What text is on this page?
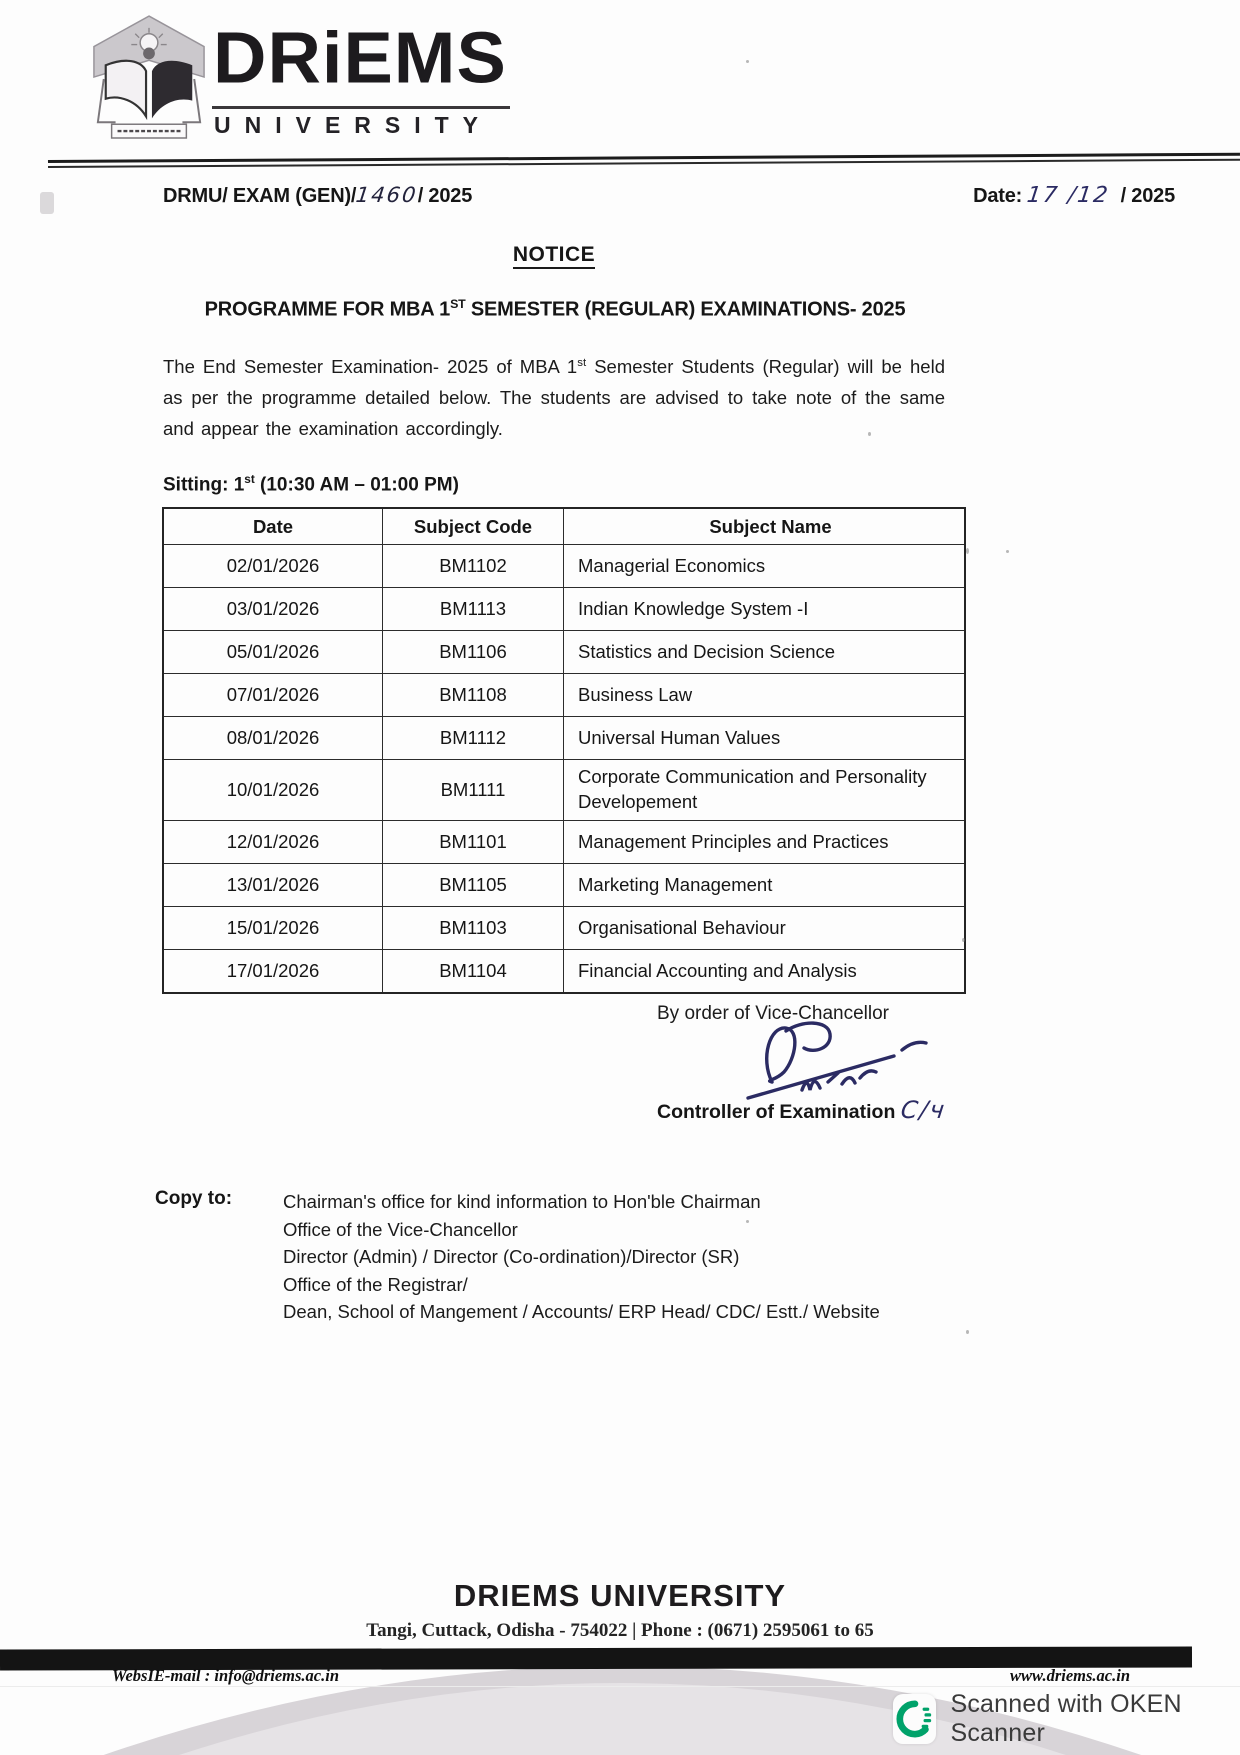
DRiEMS
UNIVERSITY
DRMU/ EXAM (GEN)/1460/ 2025	Date: 17 /12 / 2025
NOTICE
PROGRAMME FOR MBA 1ST SEMESTER (REGULAR) EXAMINATIONS- 2025
The End Semester Examination- 2025 of MBA 1st Semester Students (Regular) will be held as per the programme detailed below. The students are advised to take note of the same and appear the examination accordingly.
Sitting: 1st (10:30 AM – 01:00 PM)
Date	Subject Code	Subject Name
02/01/2026	BM1102	Managerial Economics
03/01/2026	BM1113	Indian Knowledge System -I
05/01/2026	BM1106	Statistics and Decision Science
07/01/2026	BM1108	Business Law
08/01/2026	BM1112	Universal Human Values
10/01/2026	BM1111	Corporate Communication and Personality Developement
12/01/2026	BM1101	Management Principles and Practices
13/01/2026	BM1105	Marketing Management
15/01/2026	BM1103	Organisational Behaviour
17/01/2026	BM1104	Financial Accounting and Analysis
By order of Vice-Chancellor
Controller of Examination C/ч
Copy to:	Chairman's office for kind information to Hon'ble Chairman
Office of the Vice-Chancellor
Director (Admin) / Director (Co-ordination)/Director (SR)
Office of the Registrar/
Dean, School of Mangement / Accounts/ ERP Head/ CDC/ Estt./ Website
DRIEMS UNIVERSITY
Tangi, Cuttack, Odisha - 754022 | Phone : (0671) 2595061 to 65
WebsIE-mail : info@driems.ac.in	www.driems.ac.in
Scanned with OKEN Scanner
